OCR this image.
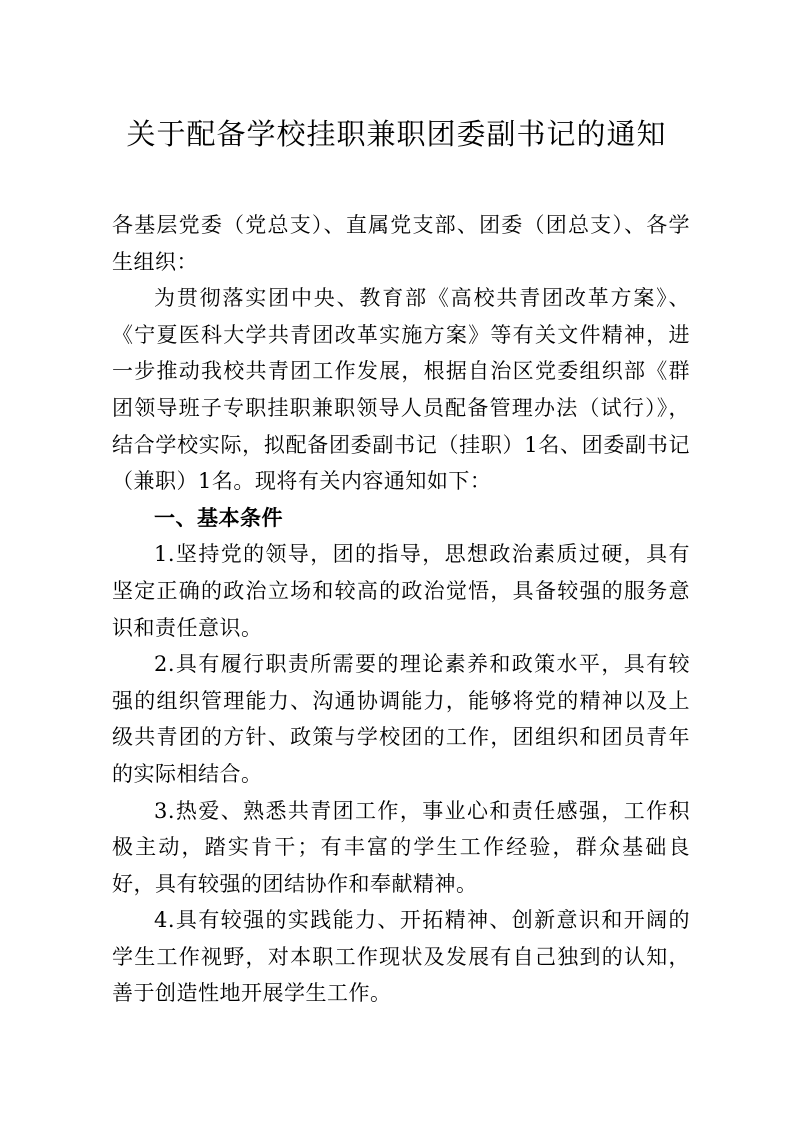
关于配备学校挂职兼职团委副书记的通知

各基层党委（党总支）、直属党支部、团委（团总支）、各学生组织：

为贯彻落实团中央、教育部《高校共青团改革方案》、《宁夏医科大学共青团改革实施方案》等有关文件精神，进一步推动我校共青团工作发展，根据自治区党委组织部《群团领导班子专职挂职兼职领导人员配备管理办法（试行）》，结合学校实际，拟配备团委副书记（挂职）1名、团委副书记（兼职）1名。现将有关内容通知如下：

一、基本条件

1.坚持党的领导，团的指导，思想政治素质过硬，具有坚定正确的政治立场和较高的政治觉悟，具备较强的服务意识和责任意识。

2.具有履行职责所需要的理论素养和政策水平，具有较强的组织管理能力、沟通协调能力，能够将党的精神以及上级共青团的方针、政策与学校团的工作，团组织和团员青年的实际相结合。

3.热爱、熟悉共青团工作，事业心和责任感强，工作积极主动，踏实肯干；有丰富的学生工作经验，群众基础良好，具有较强的团结协作和奉献精神。

4.具有较强的实践能力、开拓精神、创新意识和开阔的学生工作视野，对本职工作现状及发展有自己独到的认知，善于创造性地开展学生工作。
